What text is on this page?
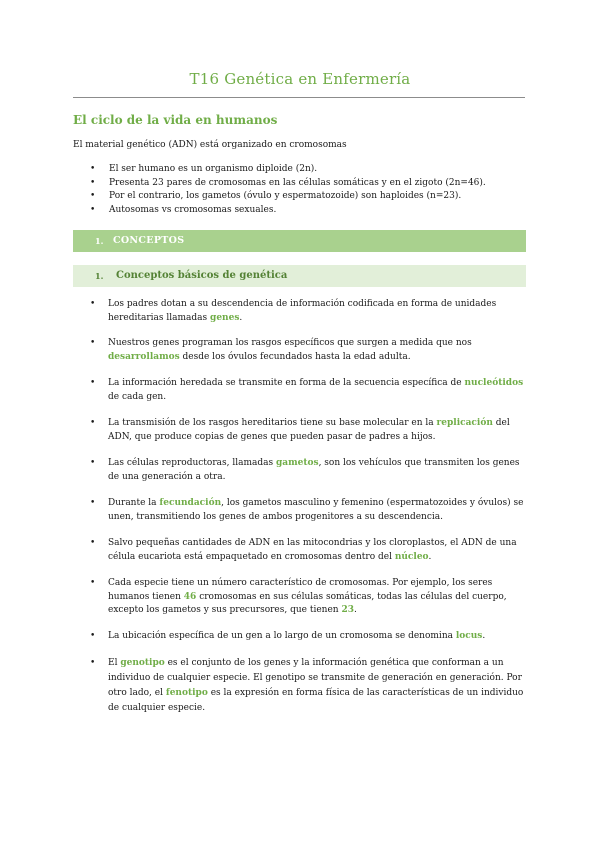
T16 Genética en Enfermería
El ciclo de la vida en humanos
El material genético (ADN) está organizado en cromosomas
• El ser humano es un organismo diploide (2n).
• Presenta 23 pares de cromosomas en las células somáticas y en el zigoto (2n=46).
• Por el contrario, los gametos (óvulo y espermatozoide) son haploides (n=23).
• Autosomas vs cromosomas sexuales.
1. CONCEPTOS
1. Conceptos básicos de genética
• Los padres dotan a su descendencia de información codificada en forma de unidades hereditarias llamadas genes.
• Nuestros genes programan los rasgos específicos que surgen a medida que nos desarrollamos desde los óvulos fecundados hasta la edad adulta.
• La información heredada se transmite en forma de la secuencia específica de nucleótidos de cada gen.
• La transmisión de los rasgos hereditarios tiene su base molecular en la replicación del ADN, que produce copias de genes que pueden pasar de padres a hijos.
• Las células reproductoras, llamadas gametos, son los vehículos que transmiten los genes de una generación a otra.
• Durante la fecundación, los gametos masculino y femenino (espermatozoides y óvulos) se unen, transmitiendo los genes de ambos progenitores a su descendencia.
• Salvo pequeñas cantidades de ADN en las mitocondrias y los cloroplastos, el ADN de una célula eucariota está empaquetado en cromosomas dentro del núcleo.
• Cada especie tiene un número característico de cromosomas. Por ejemplo, los seres humanos tienen 46 cromosomas en sus células somáticas, todas las células del cuerpo, excepto los gametos y sus precursores, que tienen 23.
• La ubicación específica de un gen a lo largo de un cromosoma se denomina locus.
• El genotipo es el conjunto de los genes y la información genética que conforman a un individuo de cualquier especie. El genotipo se transmite de generación en generación. Por otro lado, el fenotipo es la expresión en forma física de las características de un individuo de cualquier especie.
